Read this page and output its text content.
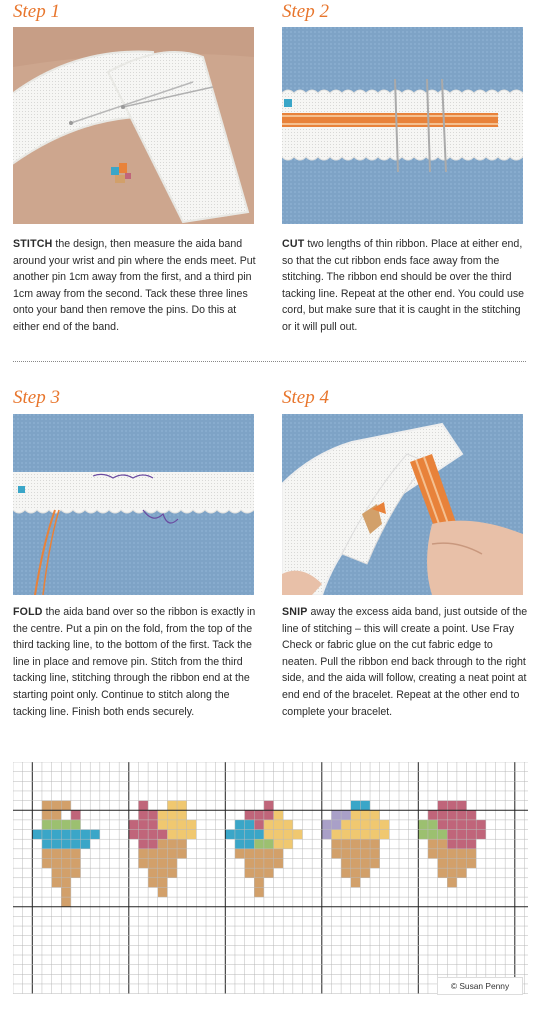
Step 1	Step 2
Step 3	Step 4

STITCH the design, then measure the aida band around your wrist and pin where the ends meet. Put another pin 1cm away from the first, and a third pin 1cm away from the second. Tack these three lines onto your band then remove the pins. Do this at either end of the band.

CUT two lengths of thin ribbon. Place at either end, so that the cut ribbon ends face away from the stitching. The ribbon end should be over the third tacking line. Repeat at the other end. You could use cord, but make sure that it is caught in the stitching or it will pull out.

FOLD the aida band over so the ribbon is exactly in the centre. Put a pin on the fold, from the top of the third tacking line, to the bottom of the first. Tack the line in place and remove pin. Stitch from the third tacking line, stitching through the ribbon end at the starting point only. Continue to stitch along the tacking line. Finish both ends securely.

SNIP away the excess aida band, just outside of the line of stitching – this will create a point. Use Fray Check or fabric glue on the cut fabric edge to neaten. Pull the ribbon end back through to the right side, and the aida will follow, creating a neat point at end end of the bracelet. Repeat at the other end to complete your bracelet.

© Susan Penny
